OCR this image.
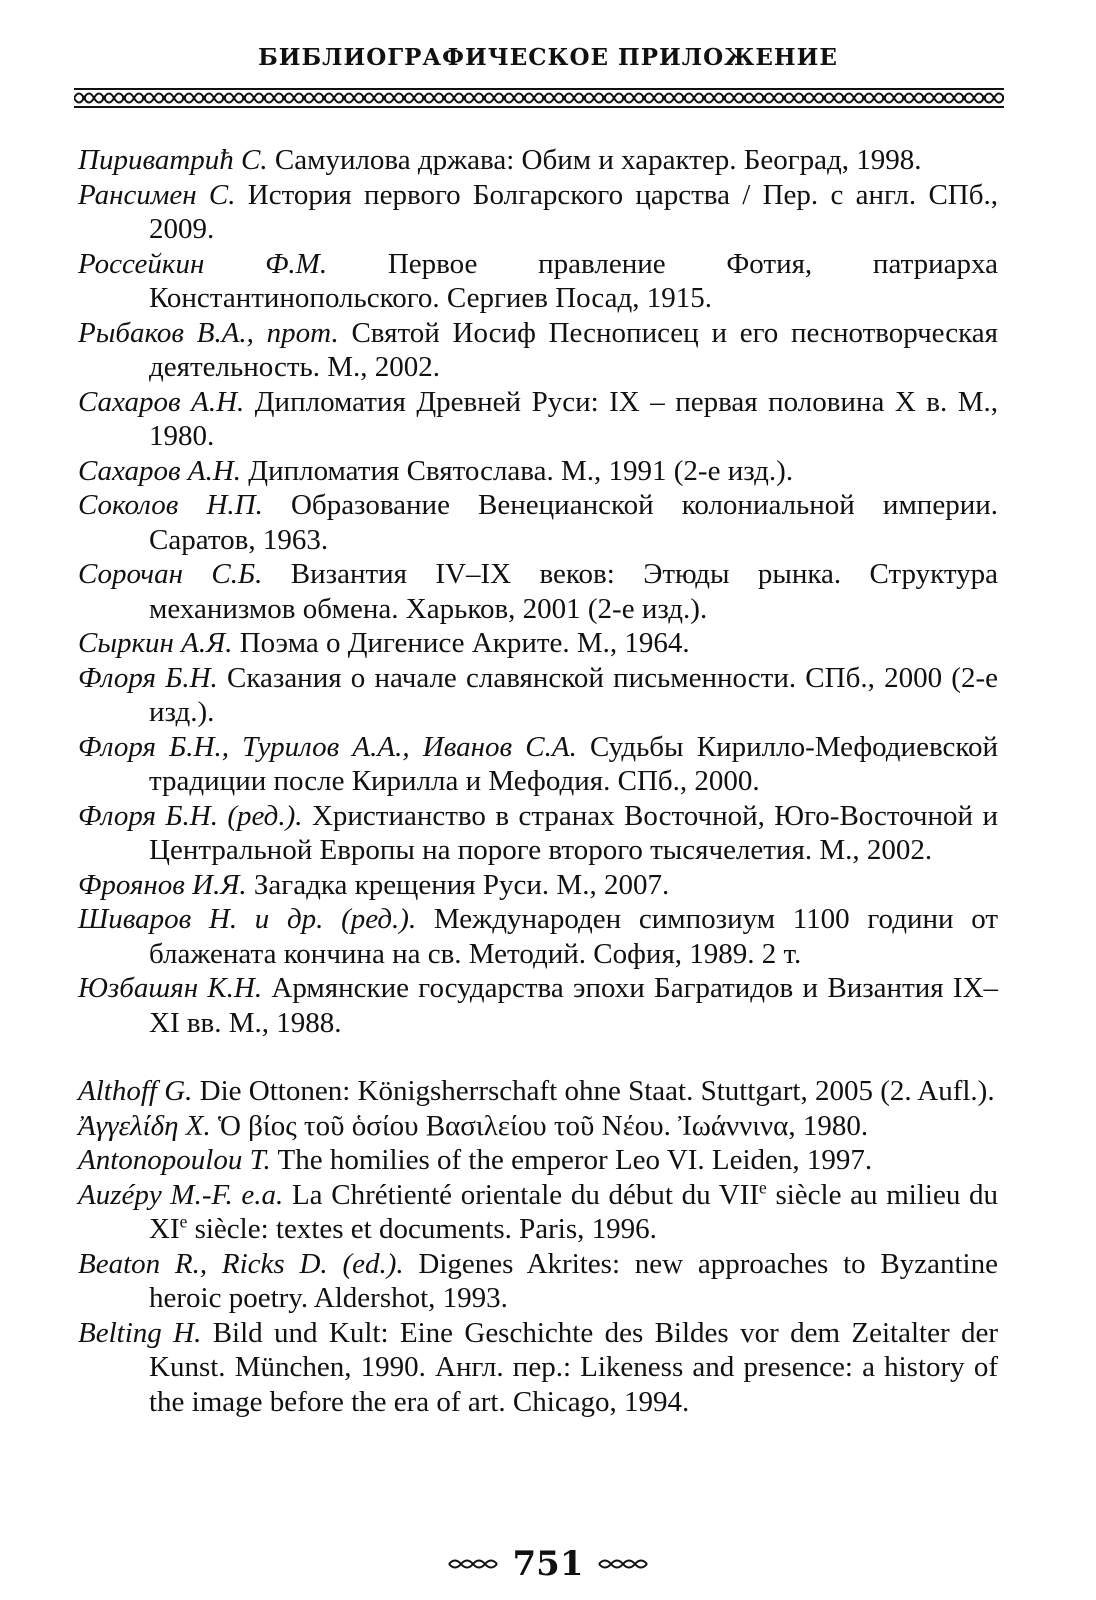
БИБЛИОГРАФИЧЕСКОЕ ПРИЛОЖЕНИЕ
Пириватрић С. Самуилова држава: Обим и характер. Београд, 1998.
Рансимен С. История первого Болгарского царства / Пер. с англ. СПб., 2009.
Россейкин Ф.М. Первое правление Фотия, патриарха Константинопольского. Сергиев Посад, 1915.
Рыбаков В.А., прот. Святой Иосиф Песнописец и его песнотворческая деятельность. М., 2002.
Сахаров А.Н. Дипломатия Древней Руси: IX – первая половина X в. М., 1980.
Сахаров А.Н. Дипломатия Святослава. М., 1991 (2-е изд.).
Соколов Н.П. Образование Венецианской колониальной империи. Саратов, 1963.
Сорочан С.Б. Византия IV–IX веков: Этюды рынка. Структура механизмов обмена. Харьков, 2001 (2-е изд.).
Сыркин А.Я. Поэма о Дигенисе Акрите. М., 1964.
Флоря Б.Н. Сказания о начале славянской письменности. СПб., 2000 (2-е изд.).
Флоря Б.Н., Турилов А.А., Иванов С.А. Судьбы Кирилло-Мефодиевской традиции после Кирилла и Мефодия. СПб., 2000.
Флоря Б.Н. (ред.). Христианство в странах Восточной, Юго-Восточной и Центральной Европы на пороге второго тысячелетия. М., 2002.
Фроянов И.Я. Загадка крещения Руси. М., 2007.
Шиваров Н. и др. (ред.). Международен симпозиум 1100 години от блажената кончина на св. Методий. София, 1989. 2 т.
Юзбашян К.Н. Армянские государства эпохи Багратидов и Византия IX–XI вв. М., 1988.
Althoff G. Die Ottonen: Königsherrschaft ohne Staat. Stuttgart, 2005 (2. Aufl.).
Ἀγγελίδη Χ. Ὁ βίος τοῦ ὁσίου Βασιλείου τοῦ Νέου. Ἰωάννινα, 1980.
Antonopoulou T. The homilies of the emperor Leo VI. Leiden, 1997.
Auzépy M.-F. e.a. La Chrétienté orientale du début du VIIe siècle au milieu du XIe siècle: textes et documents. Paris, 1996.
Beaton R., Ricks D. (ed.). Digenes Akrites: new approaches to Byzantine heroic poetry. Aldershot, 1993.
Belting H. Bild und Kult: Eine Geschichte des Bildes vor dem Zeitalter der Kunst. München, 1990. Англ. пер.: Likeness and presence: a history of the image before the era of art. Chicago, 1994.
751
